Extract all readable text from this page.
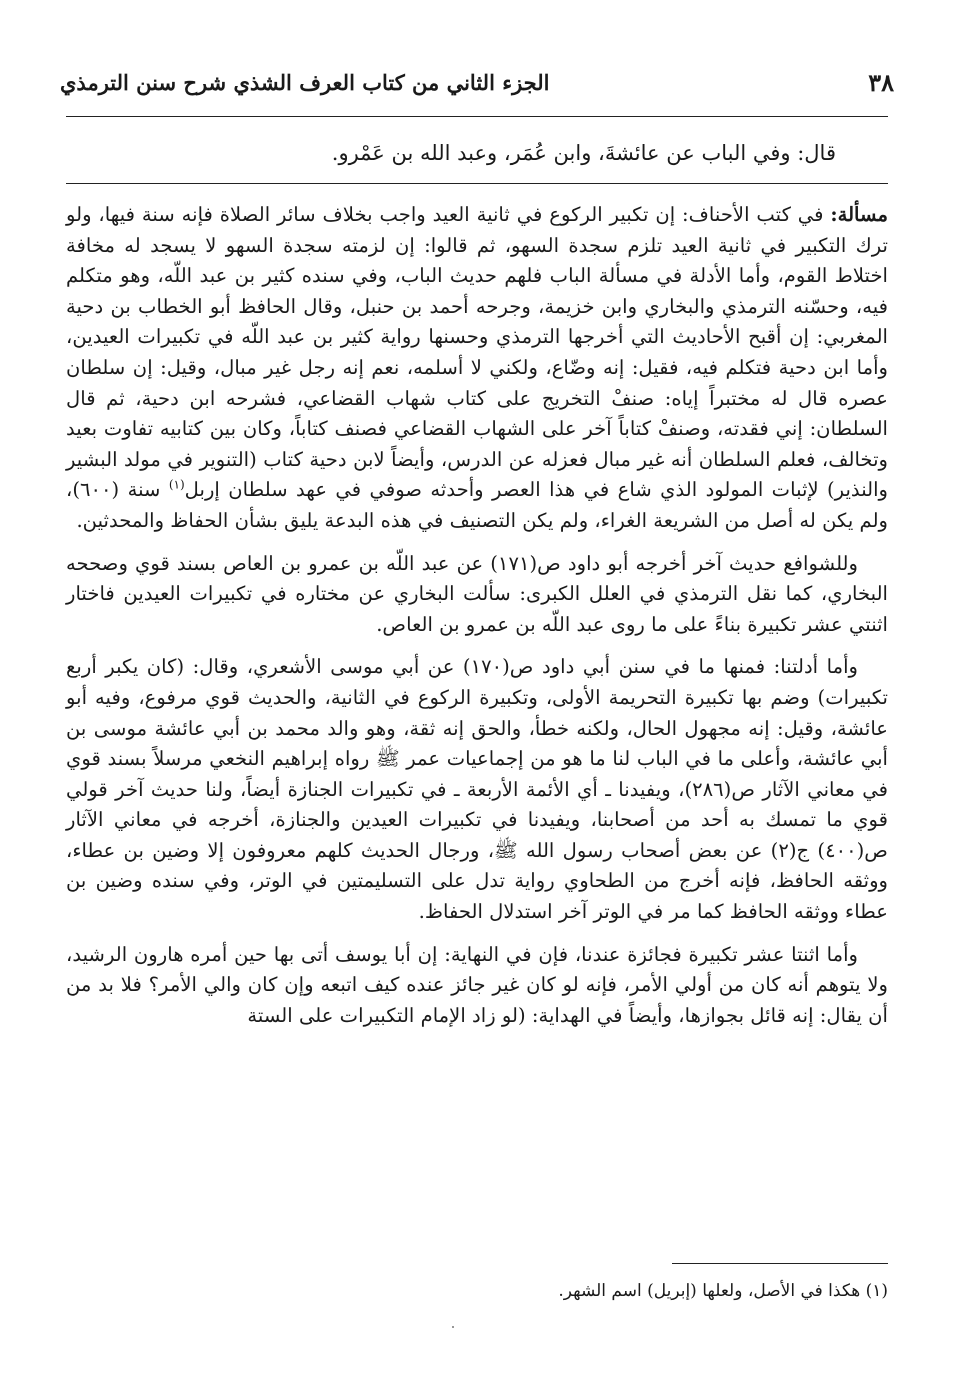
٣٨
الجزء الثاني من كتاب العرف الشذي شرح سنن الترمذي
قال: وفي الباب عن عائشةَ، وابن عُمَر، وعبد الله بن عَمْرو.

مسألة: في كتب الأحناف: إن تكبير الركوع في ثانية العيد واجب بخلاف سائر الصلاة فإنه سنة فيها، ولو ترك التكبير في ثانية العيد تلزم سجدة السهو، ثم قالوا: إن لزمته سجدة السهو لا يسجد له مخافة اختلاط القوم، وأما الأدلة في مسألة الباب فلهم حديث الباب، وفي سنده كثير بن عبد اللّه، وهو متكلم فيه، وحسّنه الترمذي والبخاري وابن خزيمة، وجرحه أحمد بن حنبل، وقال الحافظ أبو الخطاب بن دحية المغربي: إن أقبح الأحاديث التي أخرجها الترمذي وحسنها رواية كثير بن عبد اللّه في تكبيرات العيدين، وأما ابن دحية فتكلم فيه، فقيل: إنه وضّاع، ولكني لا أسلمه، نعم إنه رجل غير مبال، وقيل: إن سلطان عصره قال له مختبراً إياه: صنفْ التخريج على كتاب شهاب القضاعي، فشرحه ابن دحية، ثم قال السلطان: إني فقدته، وصنفْ كتاباً آخر على الشهاب القضاعي فصنف كتاباً، وكان بين كتابيه تفاوت بعيد وتخالف، فعلم السلطان أنه غير مبال فعزله عن الدرس، وأيضاً لابن دحية كتاب (التنوير في مولد البشير والنذير) لإثبات المولود الذي شاع في هذا العصر وأحدثه صوفي في عهد سلطان إربل$^{(١)}$ سنة (٦٠٠)، ولم يكن له أصل من الشريعة الغراء، ولم يكن التصنيف في هذه البدعة يليق بشأن الحفاظ والمحدثين.

وللشوافع حديث آخر أخرجه أبو داود ص(١٧١) عن عبد اللّه بن عمرو بن العاص بسند قوي وصححه البخاري، كما نقل الترمذي في العلل الكبرى: سألت البخاري عن مختاره في تكبيرات العيدين فاختار اثنتي عشر تكبيرة بناءً على ما روى عبد اللّه بن عمرو بن العاص.

وأما أدلتنا: فمنها ما في سنن أبي داود ص(١٧٠) عن أبي موسى الأشعري، وقال: (كان يكبر أربع تكبيرات) وضم بها تكبيرة التحريمة الأولى، وتكبيرة الركوع في الثانية، والحديث قوي مرفوع، وفيه أبو عائشة، وقيل: إنه مجهول الحال، ولكنه خطأ، والحق إنه ثقة، وهو والد محمد بن أبي عائشة موسى بن أبي عائشة، وأعلى ما في الباب لنا ما هو من إجماعيات عمر ﷺ رواه إبراهيم النخعي مرسلاً بسند قوي في معاني الآثار ص(٢٨٦)، ويفيدنا ـ أي الأئمة الأربعة ـ في تكبيرات الجنازة أيضاً، ولنا حديث آخر قولي قوي ما تمسك به أحد من أصحابنا، ويفيدنا في تكبيرات العيدين والجنازة، أخرجه في معاني الآثار ص(٤٠٠) ج(٢) عن بعض أصحاب رسول الله ﷺ، ورجال الحديث كلهم معروفون إلا وضين بن عطاء، ووثقه الحافظ، فإنه أخرج من الطحاوي رواية تدل على التسليمتين في الوتر، وفي سنده وضين بن عطاء ووثقه الحافظ كما مر في الوتر آخر استدلال الحفاظ.

وأما اثنتا عشر تكبيرة فجائزة عندنا، فإن في النهاية: إن أبا يوسف أتى بها حين أمره هارون الرشيد، ولا يتوهم أنه كان من أولي الأمر، فإنه لو كان غير جائز عنده كيف اتبعه وإن كان والي الأمر؟ فلا بد من أن يقال: إنه قائل بجوازها، وأيضاً في الهداية: (لو زاد الإمام التكبيرات على الستة

(١) هكذا في الأصل، ولعلها (إبريل) اسم الشهر.
